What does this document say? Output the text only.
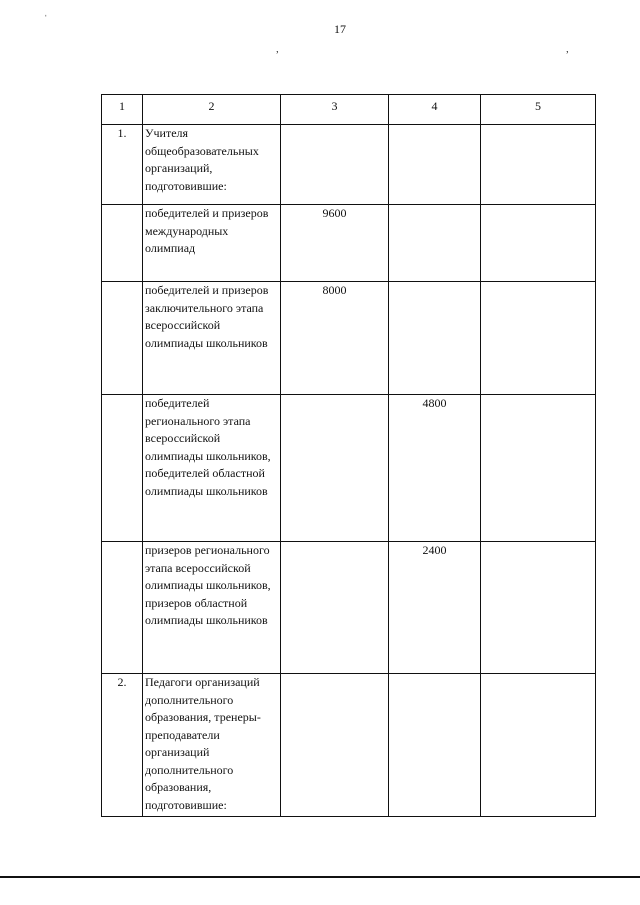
17
ˈ
,	,
1	2	3	4	5
1.	Учителя общеобразовательных организаций, подготовившие:			
	победителей и призеров международных олимпиад	9600		
	победителей и призеров заключительного этапа всероссийской олимпиады школьников	8000		
	победителей регионального этапа всероссийской олимпиады школьников, победителей областной олимпиады школьников		4800	
	призеров регионального этапа всероссийской олимпиады школьников, призеров областной олимпиады школьников		2400	
2.	Педагоги организаций дополнительного образования, тренеры-преподаватели организаций дополнительного образования, подготовившие:			
